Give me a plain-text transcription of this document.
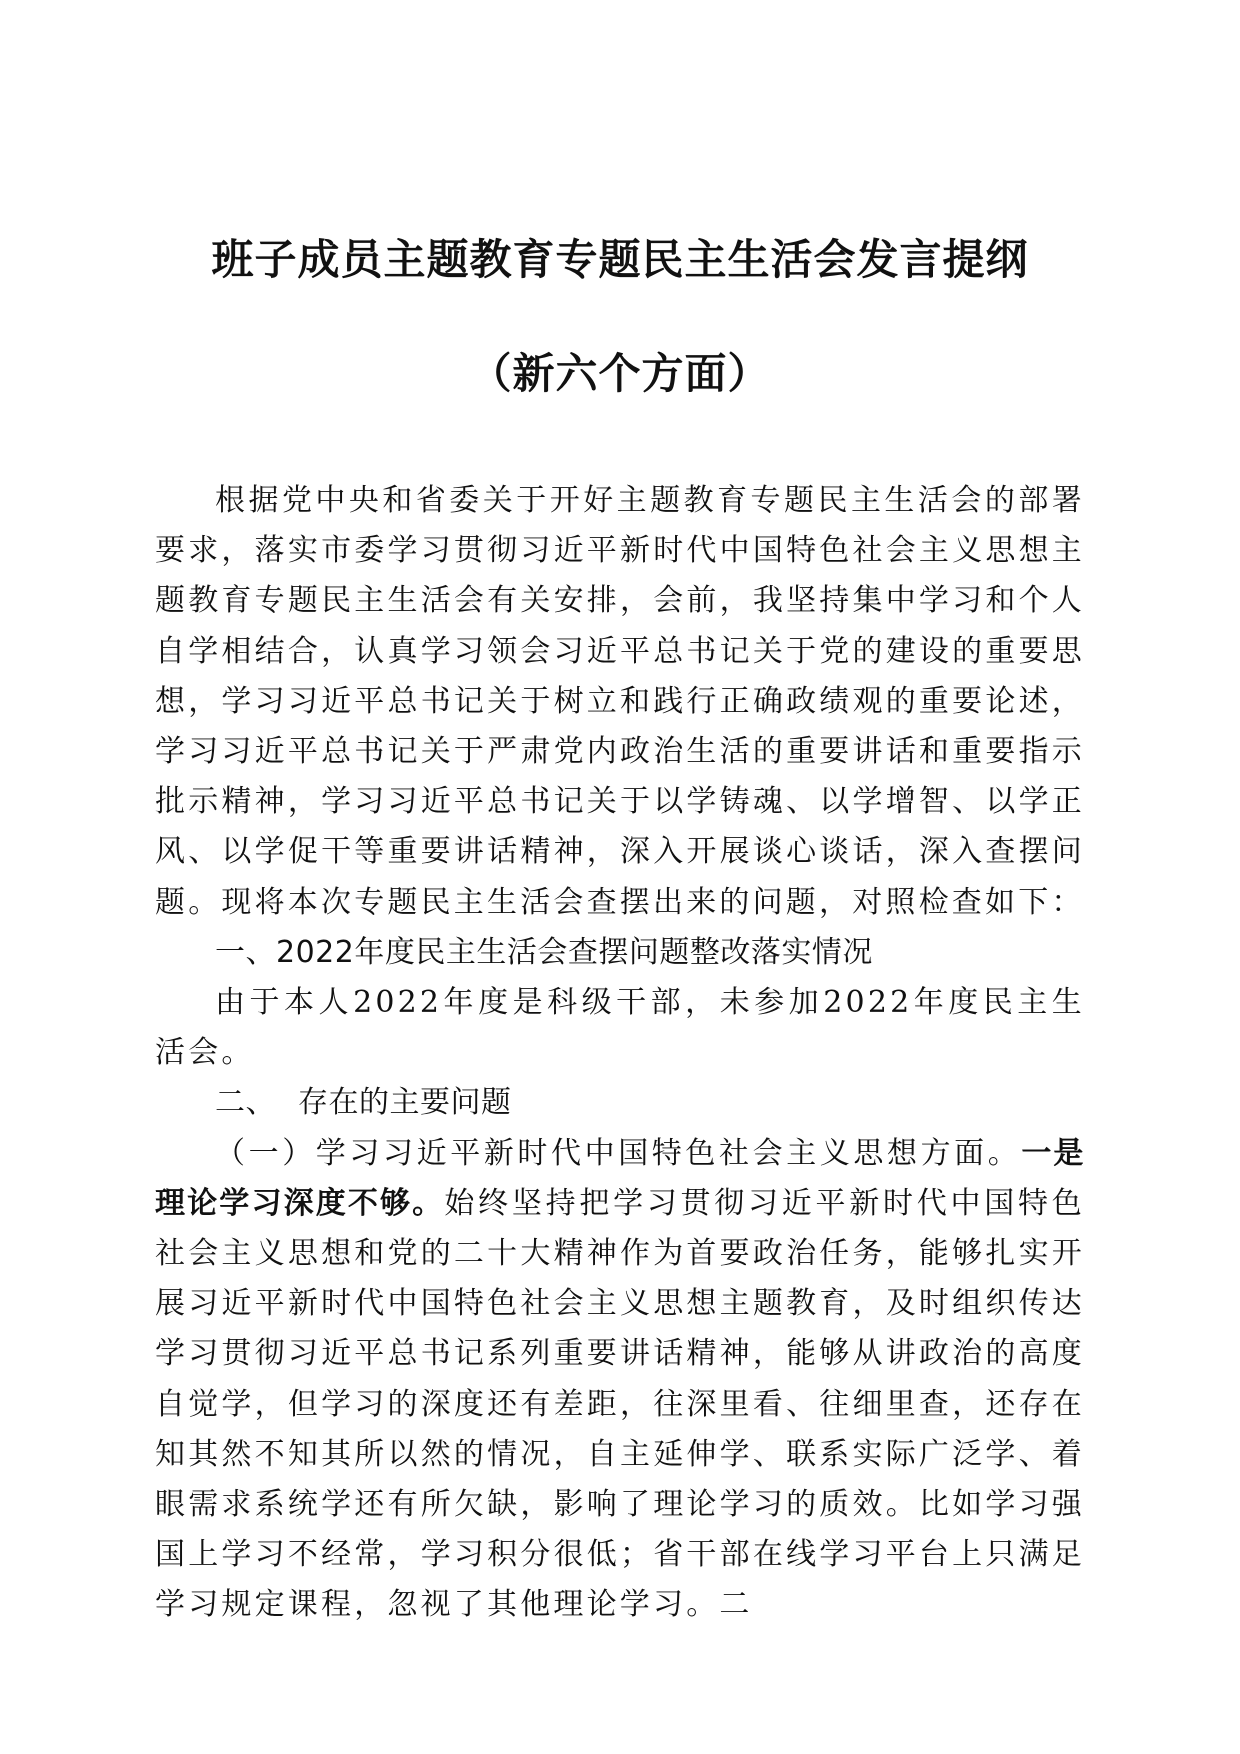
班子成员主题教育专题民主生活会发言提纲
（新六个方面）

根据党中央和省委关于开好主题教育专题民主生活会的部署要求，落实市委学习贯彻习近平新时代中国特色社会主义思想主题教育专题民主生活会有关安排，会前，我坚持集中学习和个人自学相结合，认真学习领会习近平总书记关于党的建设的重要思想，学习习近平总书记关于树立和践行正确政绩观的重要论述，学习习近平总书记关于严肃党内政治生活的重要讲话和重要指示批示精神，学习习近平总书记关于以学铸魂、以学增智、以学正风、以学促干等重要讲话精神，深入开展谈心谈话，深入查摆问题。现将本次专题民主生活会查摆出来的问题，对照检查如下：

一、2022年度民主生活会查摆问题整改落实情况

由于本人2022年度是科级干部，未参加2022年度民主生活会。

二、 存在的主要问题

（一）学习习近平新时代中国特色社会主义思想方面。一是理论学习深度不够。始终坚持把学习贯彻习近平新时代中国特色社会主义思想和党的二十大精神作为首要政治任务，能够扎实开展习近平新时代中国特色社会主义思想主题教育，及时组织传达学习贯彻习近平总书记系列重要讲话精神，能够从讲政治的高度自觉学，但学习的深度还有差距，往深里看、往细里查，还存在知其然不知其所以然的情况，自主延伸学、联系实际广泛学、着眼需求系统学还有所欠缺，影响了理论学习的质效。比如学习强国上学习不经常，学习积分很低；省干部在线学习平台上只满足学习规定课程，忽视了其他理论学习。二
